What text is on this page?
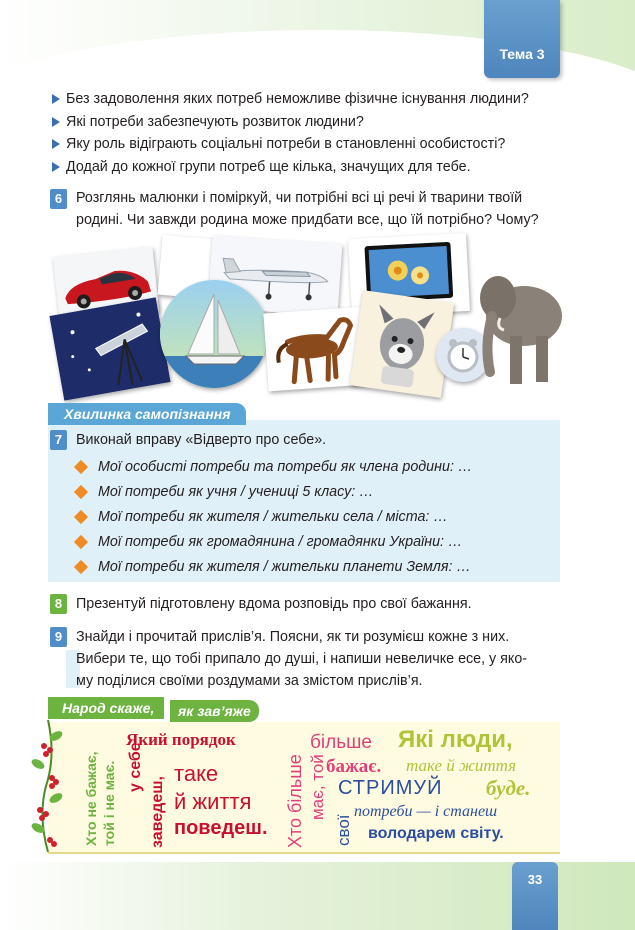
Тема 3
Без задоволення яких потреб неможливе фізичне існування людини?
Які потреби забезпечують розвиток людини?
Яку роль відіграють соціальні потреби в становленні особистості?
Додай до кожної групи потреб ще кілька, значущих для тебе.
6 Розглянь малюнки і поміркуй, чи потрібні всі ці речі й тварини твоїй
родині. Чи завжди родина може придбати все, що їй потрібно? Чому?
Хвилинка самопізнання
7 Виконай вправу «Відверто про себе».
Мої особисті потреби та потреби як члена родини: …
Мої потреби як учня / учениці 5 класу: …
Мої потреби як жителя / жительки села / міста: …
Мої потреби як громадянина / громадянки України: …
Мої потреби як жителя / жительки планети Земля: …
8 Презентуй підготовлену вдома розповідь про свої бажання.
9 Знайди і прочитай прислів’я. Поясни, як ти розумієш кожне з них.
Вибери те, що тобі припало до душі, і напиши невеличке есе, у яко-
му поділися своїми роздумами за змістом прислів’я.
Народ скаже,	як зав’яже
Хто не бажає, той і не має.
Який порядок
у себе
заведеш,
таке
й життя
поведеш. Хто більше має, той
більше
бажає.
Які люди,
таке й життя
буде.
свої
СТРИМУЙ
потреби — і станеш
володарем світу.
33
